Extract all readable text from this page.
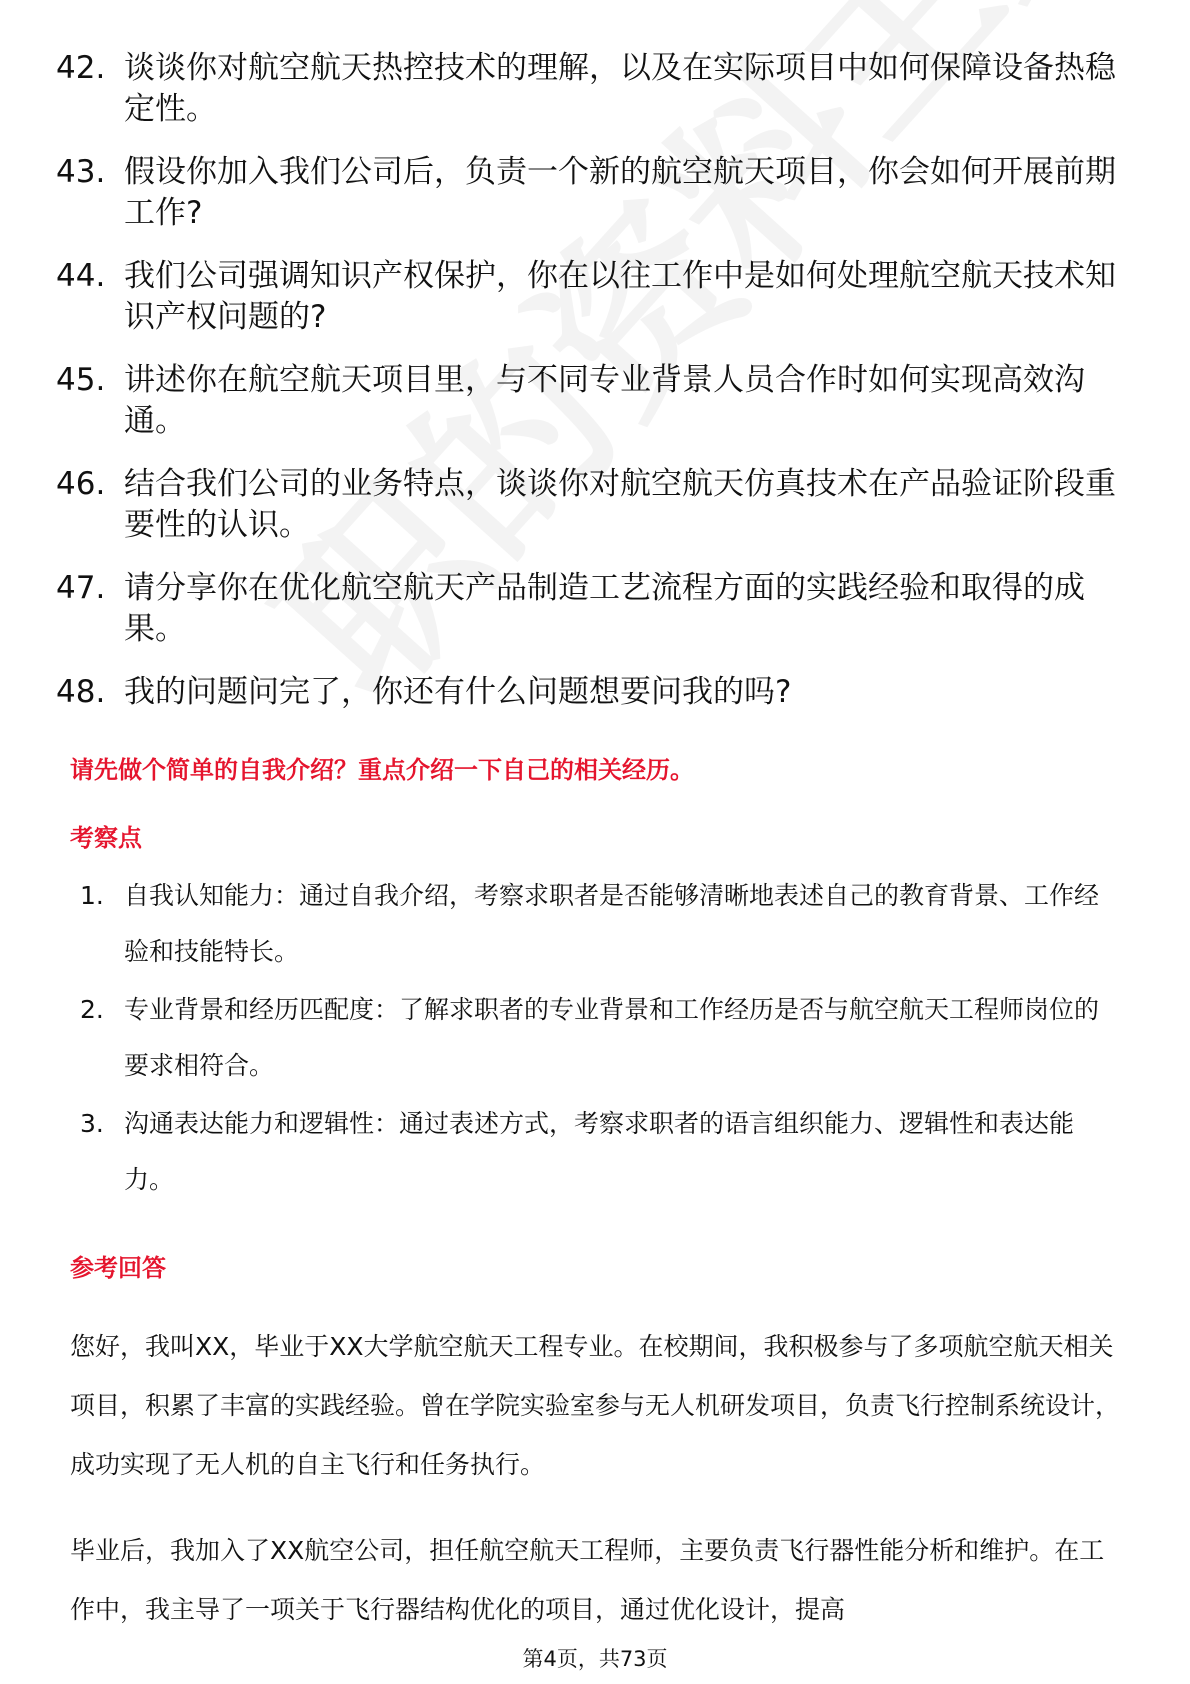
42. 谈谈你对航空航天热控技术的理解，以及在实际项目中如何保障设备热稳定性。
43. 假设你加入我们公司后，负责一个新的航空航天项目，你会如何开展前期工作?
44. 我们公司强调知识产权保护，你在以往工作中是如何处理航空航天技术知识产权问题的?
45. 讲述你在航空航天项目里，与不同专业背景人员合作时如何实现高效沟通。
46. 结合我们公司的业务特点，谈谈你对航空航天仿真技术在产品验证阶段重要性的认识。
47. 请分享你在优化航空航天产品制造工艺流程方面的实践经验和取得的成果。
48. 我的问题问完了，你还有什么问题想要问我的吗?
请先做个简单的自我介绍？重点介绍一下自己的相关经历。
考察点
1. 自我认知能力：通过自我介绍，考察求职者是否能够清晰地表述自己的教育背景、工作经验和技能特长。
2. 专业背景和经历匹配度：了解求职者的专业背景和工作经历是否与航空航天工程师岗位的要求相符合。
3. 沟通表达能力和逻辑性：通过表述方式，考察求职者的语言组织能力、逻辑性和表达能力。
参考回答
您好，我叫XX，毕业于XX大学航空航天工程专业。在校期间，我积极参与了多项航空航天相关项目，积累了丰富的实践经验。曾在学院实验室参与无人机研发项目，负责飞行控制系统设计，成功实现了无人机的自主飞行和任务执行。
毕业后，我加入了XX航空公司，担任航空航天工程师，主要负责飞行器性能分析和维护。在工作中，我主导了一项关于飞行器结构优化的项目，通过优化设计，提高
第4页，共73页
